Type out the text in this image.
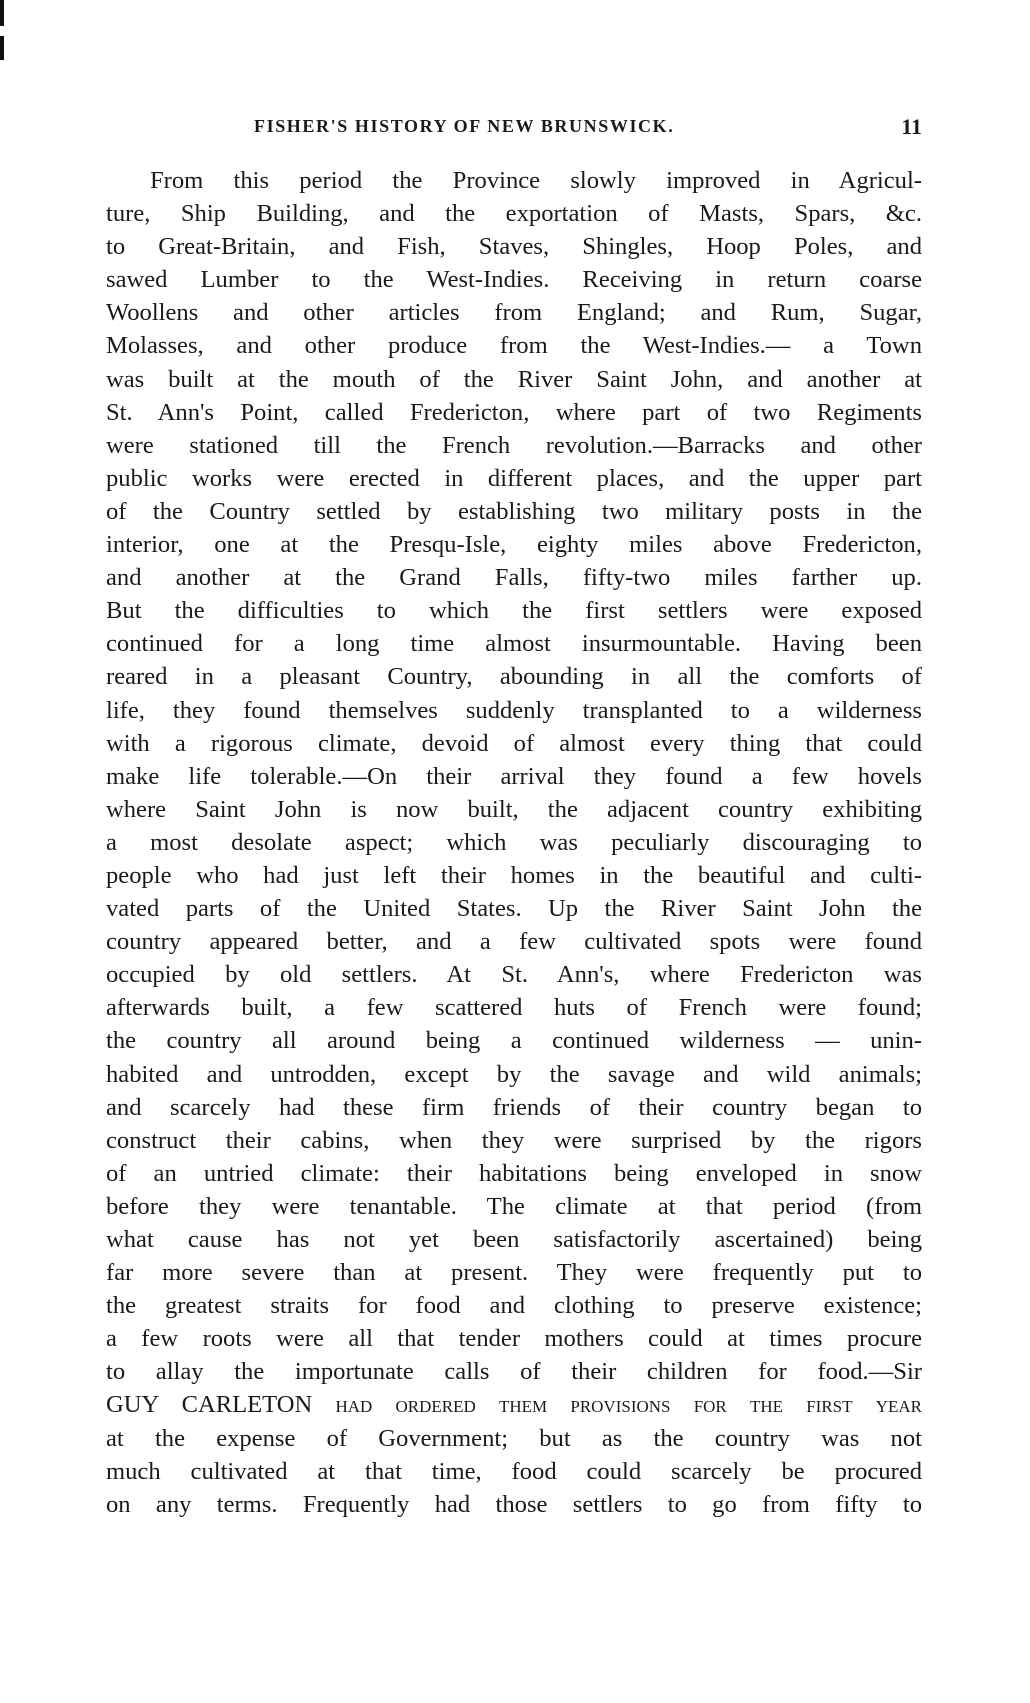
FISHER'S HISTORY OF NEW BRUNSWICK.	11
From this period the Province slowly improved in Agricul-
ture, Ship Building, and the exportation of Masts, Spars, &c.
to Great-Britain, and Fish, Staves, Shingles, Hoop Poles, and
sawed Lumber to the West-Indies. Receiving in return coarse
Woollens and other articles from England; and Rum, Sugar,
Molasses, and other produce from the West-Indies.— a Town
was built at the mouth of the River Saint John, and another at
St. Ann's Point, called Fredericton, where part of two Regiments
were stationed till the French revolution.—Barracks and other
public works were erected in different places, and the upper part
of the Country settled by establishing two military posts in the
interior, one at the Presqu-Isle, eighty miles above Fredericton,
and another at the Grand Falls, fifty-two miles farther up.
But the difficulties to which the first settlers were exposed
continued for a long time almost insurmountable. Having been
reared in a pleasant Country, abounding in all the comforts of
life, they found themselves suddenly transplanted to a wilderness
with a rigorous climate, devoid of almost every thing that could
make life tolerable.—On their arrival they found a few hovels
where Saint John is now built, the adjacent country exhibiting
a most desolate aspect; which was peculiarly discouraging to
people who had just left their homes in the beautiful and culti-
vated parts of the United States. Up the River Saint John the
country appeared better, and a few cultivated spots were found
occupied by old settlers. At St. Ann's, where Fredericton was
afterwards built, a few scattered huts of French were found;
the country all around being a continued wilderness — unin-
habited and untrodden, except by the savage and wild animals;
and scarcely had these firm friends of their country began to
construct their cabins, when they were surprised by the rigors
of an untried climate: their habitations being enveloped in snow
before they were tenantable. The climate at that period (from
what cause has not yet been satisfactorily ascertained) being
far more severe than at present. They were frequently put to
the greatest straits for food and clothing to preserve existence;
a few roots were all that tender mothers could at times procure
to allay the importunate calls of their children for food.—Sir
GUY CARLETON had ordered them provisions for the first year
at the expense of Government; but as the country was not
much cultivated at that time, food could scarcely be procured
on any terms. Frequently had those settlers to go from fifty to
